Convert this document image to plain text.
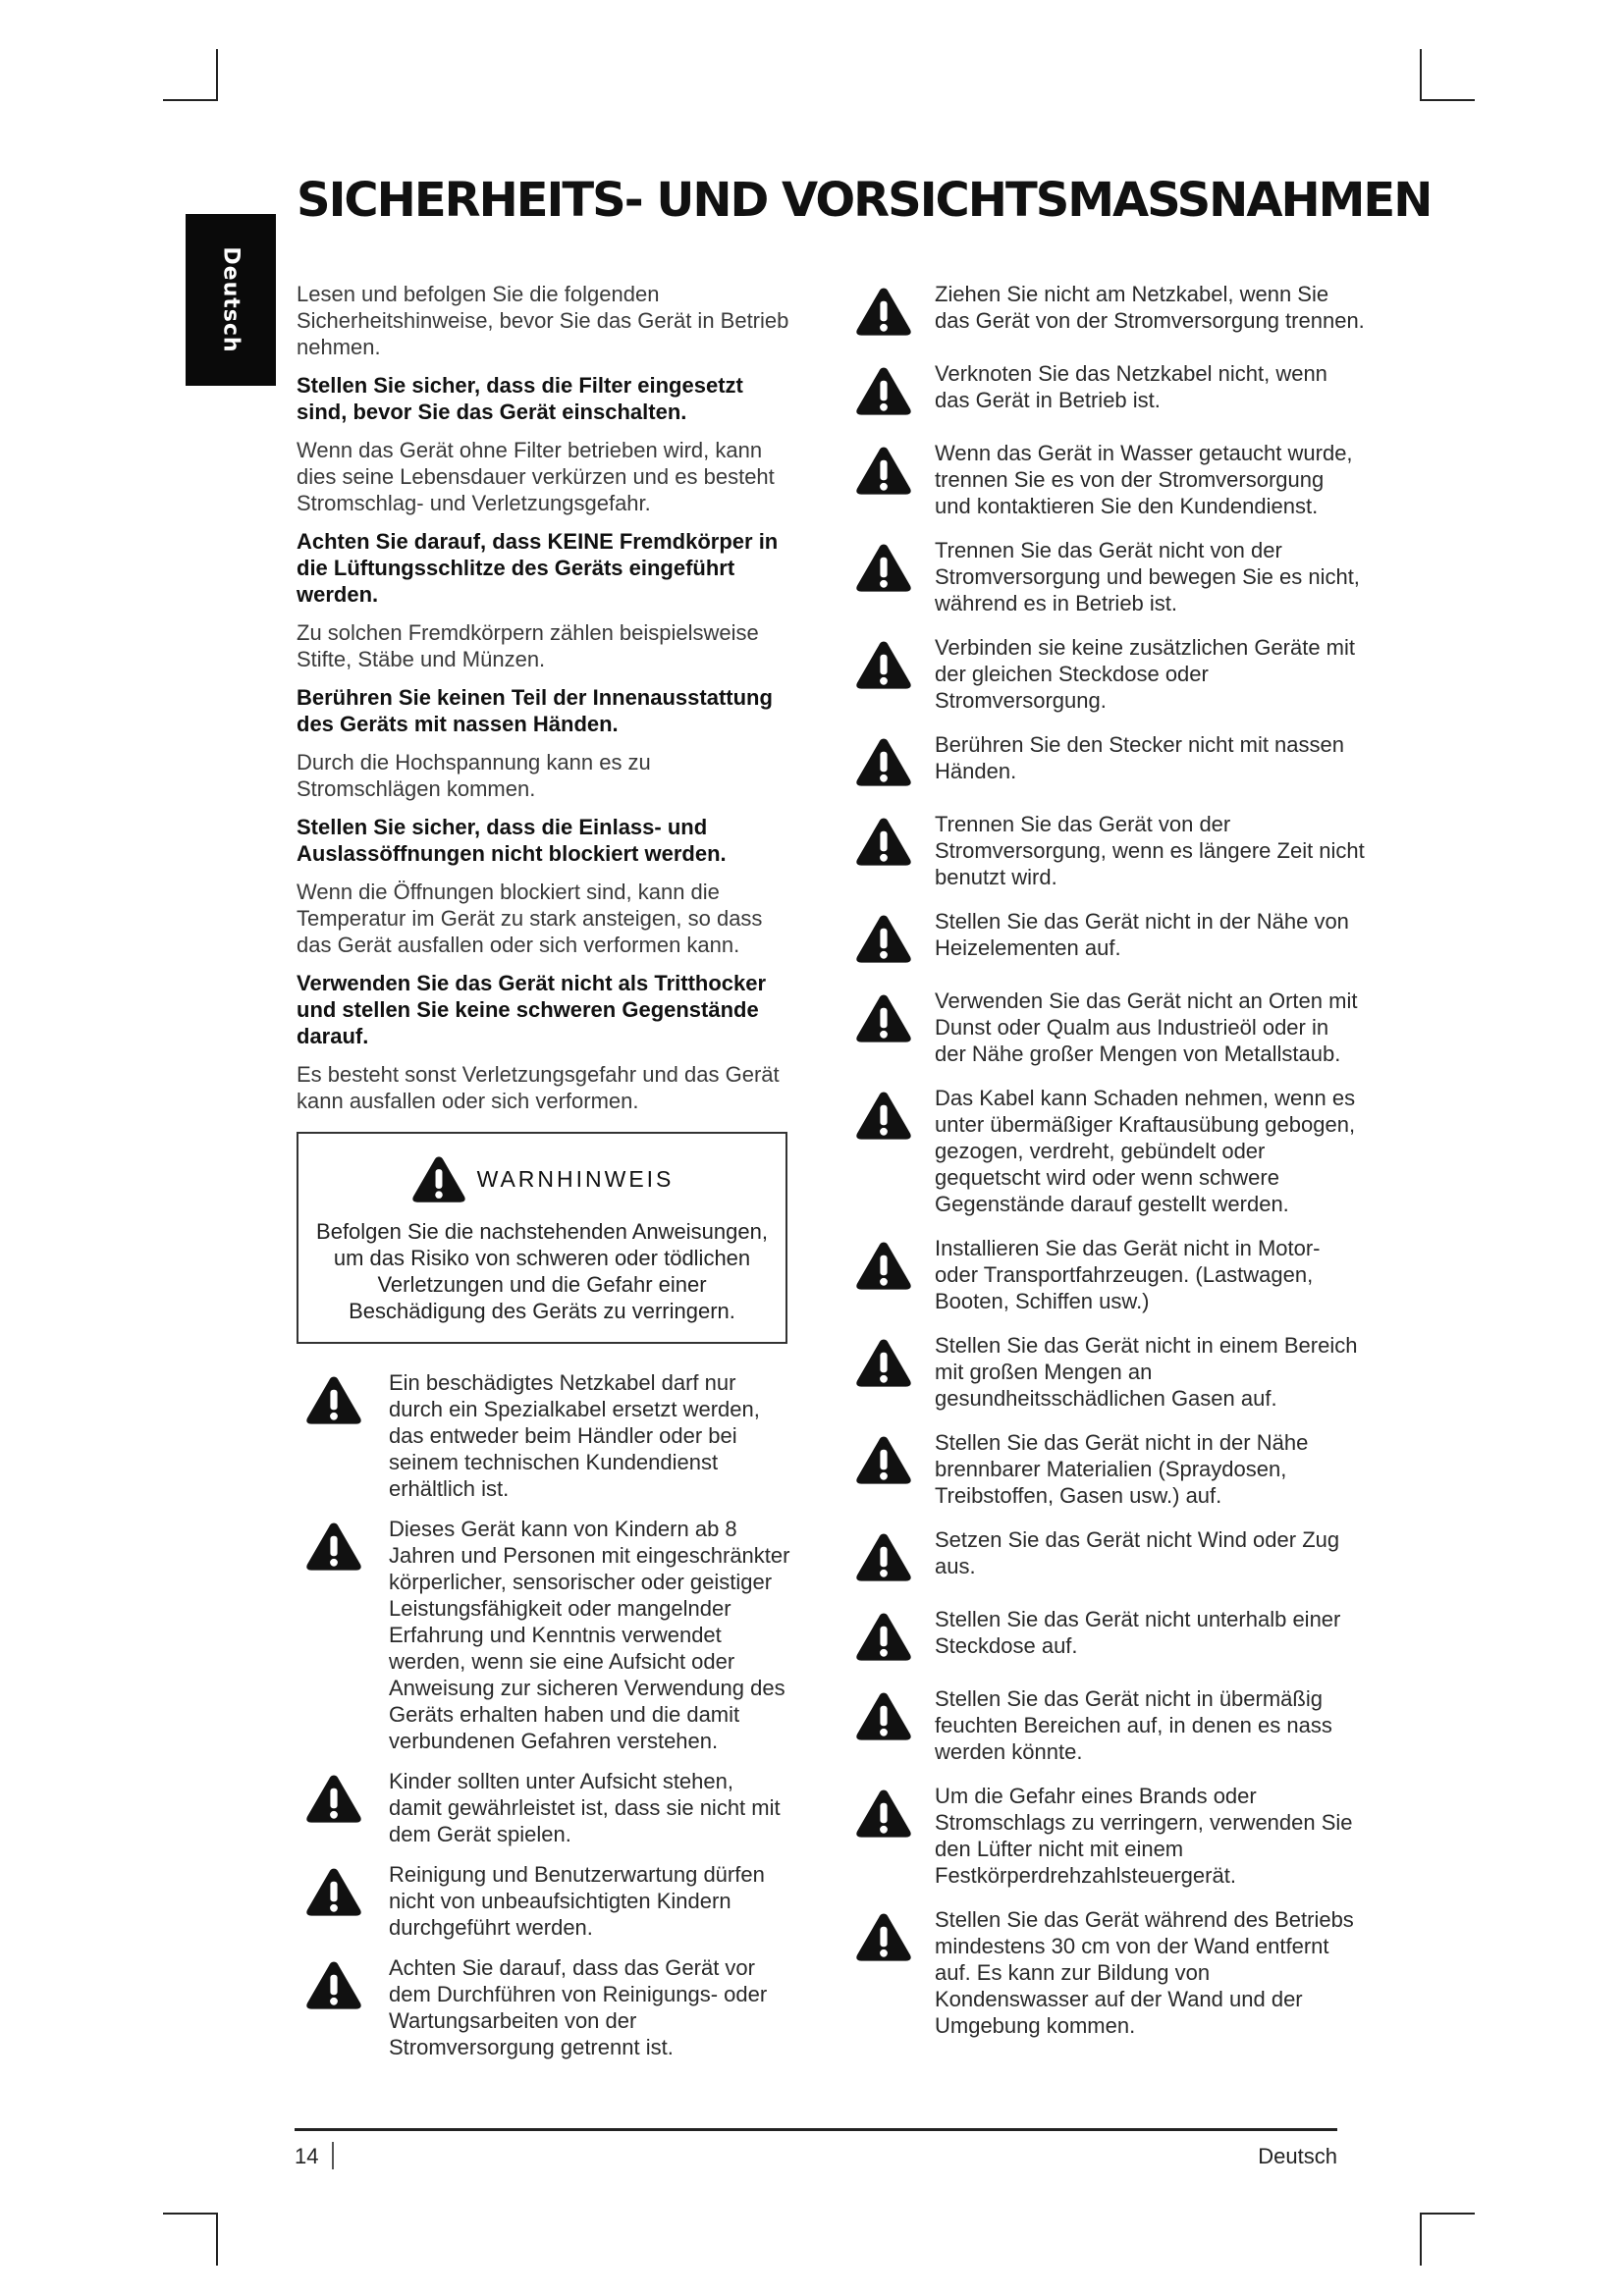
Deutsch
SICHERHEITS- UND VORSICHTSMASSNAHMEN

Lesen und befolgen Sie die folgenden Sicherheitshinweise, bevor Sie das Gerät in Betrieb nehmen.

Stellen Sie sicher, dass die Filter eingesetzt sind, bevor Sie das Gerät einschalten.

Wenn das Gerät ohne Filter betrieben wird, kann dies seine Lebensdauer verkürzen und es besteht Stromschlag- und Verletzungsgefahr.

Achten Sie darauf, dass KEINE Fremdkörper in die Lüftungsschlitze des Geräts eingeführt werden.

Zu solchen Fremdkörpern zählen beispielsweise Stifte, Stäbe und Münzen.

Berühren Sie keinen Teil der Innenausstattung des Geräts mit nassen Händen.

Durch die Hochspannung kann es zu Stromschlägen kommen.

Stellen Sie sicher, dass die Einlass- und Auslassöffnungen nicht blockiert werden.

Wenn die Öffnungen blockiert sind, kann die Temperatur im Gerät zu stark ansteigen, so dass das Gerät ausfallen oder sich verformen kann.

Verwenden Sie das Gerät nicht als Tritthocker und stellen Sie keine schweren Gegenstände darauf.

Es besteht sonst Verletzungsgefahr und das Gerät kann ausfallen oder sich verformen.

WARNHINWEIS

Befolgen Sie die nachstehenden Anweisungen, um das Risiko von schweren oder tödlichen Verletzungen und die Gefahr einer Beschädigung des Geräts zu verringern.

Ein beschädigtes Netzkabel darf nur durch ein Spezialkabel ersetzt werden, das entweder beim Händler oder bei seinem technischen Kundendienst erhältlich ist.
Dieses Gerät kann von Kindern ab 8 Jahren und Personen mit eingeschränkter körperlicher, sensorischer oder geistiger Leistungsfähigkeit oder mangelnder Erfahrung und Kenntnis verwendet werden, wenn sie eine Aufsicht oder Anweisung zur sicheren Verwendung des Geräts erhalten haben und die damit verbundenen Gefahren verstehen.
Kinder sollten unter Aufsicht stehen, damit gewährleistet ist, dass sie nicht mit dem Gerät spielen.
Reinigung und Benutzerwartung dürfen nicht von unbeaufsichtigten Kindern durchgeführt werden.
Achten Sie darauf, dass das Gerät vor dem Durchführen von Reinigungs- oder Wartungsarbeiten von der Stromversorgung getrennt ist.
Ziehen Sie nicht am Netzkabel, wenn Sie das Gerät von der Stromversorgung trennen.
Verknoten Sie das Netzkabel nicht, wenn das Gerät in Betrieb ist.
Wenn das Gerät in Wasser getaucht wurde, trennen Sie es von der Stromversorgung und kontaktieren Sie den Kundendienst.
Trennen Sie das Gerät nicht von der Stromversorgung und bewegen Sie es nicht, während es in Betrieb ist.
Verbinden sie keine zusätzlichen Geräte mit der gleichen Steckdose oder Stromversorgung.
Berühren Sie den Stecker nicht mit nassen Händen.
Trennen Sie das Gerät von der Stromversorgung, wenn es längere Zeit nicht benutzt wird.
Stellen Sie das Gerät nicht in der Nähe von Heizelementen auf.
Verwenden Sie das Gerät nicht an Orten mit Dunst oder Qualm aus Industrieöl oder in der Nähe großer Mengen von Metallstaub.
Das Kabel kann Schaden nehmen, wenn es unter übermäßiger Kraftausübung gebogen, gezogen, verdreht, gebündelt oder gequetscht wird oder wenn schwere Gegenstände darauf gestellt werden.
Installieren Sie das Gerät nicht in Motor- oder Transportfahrzeugen. (Lastwagen, Booten, Schiffen usw.)
Stellen Sie das Gerät nicht in einem Bereich mit großen Mengen an gesundheitsschädlichen Gasen auf.
Stellen Sie das Gerät nicht in der Nähe brennbarer Materialien (Spraydosen, Treibstoffen, Gasen usw.) auf.
Setzen Sie das Gerät nicht Wind oder Zug aus.
Stellen Sie das Gerät nicht unterhalb einer Steckdose auf.
Stellen Sie das Gerät nicht in übermäßig feuchten Bereichen auf, in denen es nass werden könnte.
Um die Gefahr eines Brands oder Stromschlags zu verringern, verwenden Sie den Lüfter nicht mit einem Festkörperdrehzahlsteuergerät.
Stellen Sie das Gerät während des Betriebs mindestens 30 cm von der Wand entfernt auf. Es kann zur Bildung von Kondenswasser auf der Wand und der Umgebung kommen.
14	Deutsch
